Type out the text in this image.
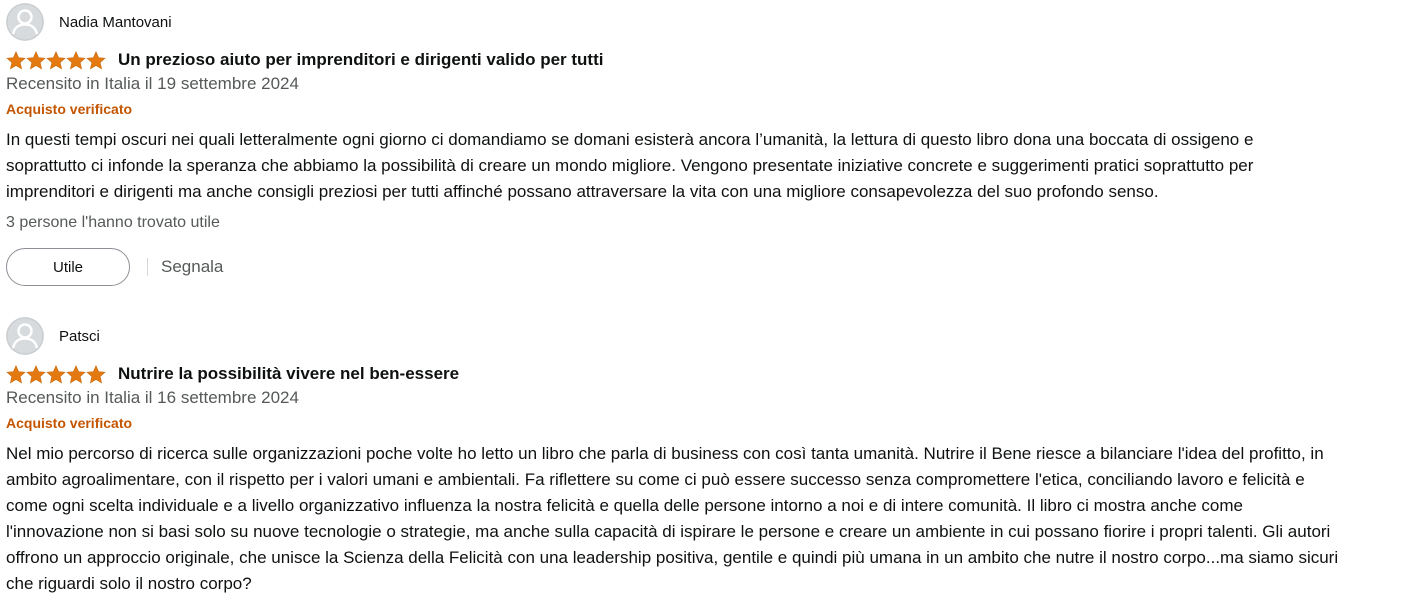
Nadia Mantovani
Un prezioso aiuto per imprenditori e dirigenti valido per tutti
Recensito in Italia il 19 settembre 2024
Acquisto verificato
In questi tempi oscuri nei quali letteralmente ogni giorno ci domandiamo se domani esisterà ancora l’umanità, la lettura di questo libro dona una boccata di ossigeno e
soprattutto ci infonde la speranza che abbiamo la possibilità di creare un mondo migliore. Vengono presentate iniziative concrete e suggerimenti pratici soprattutto per
imprenditori e dirigenti ma anche consigli preziosi per tutti affinché possano attraversare la vita con una migliore consapevolezza del suo profondo senso.
3 persone l'hanno trovato utile
Utile	Segnala
Patsci
Nutrire la possibilità vivere nel ben-essere
Recensito in Italia il 16 settembre 2024
Acquisto verificato
Nel mio percorso di ricerca sulle organizzazioni poche volte ho letto un libro che parla di business con così tanta umanità. Nutrire il Bene riesce a bilanciare l'idea del profitto, in
ambito agroalimentare, con il rispetto per i valori umani e ambientali. Fa riflettere su come ci può essere successo senza compromettere l'etica, conciliando lavoro e felicità e
come ogni scelta individuale e a livello organizzativo influenza la nostra felicità e quella delle persone intorno a noi e di intere comunità. Il libro ci mostra anche come
l'innovazione non si basi solo su nuove tecnologie o strategie, ma anche sulla capacità di ispirare le persone e creare un ambiente in cui possano fiorire i propri talenti. Gli autori
offrono un approccio originale, che unisce la Scienza della Felicità con una leadership positiva, gentile e quindi più umana in un ambito che nutre il nostro corpo...ma siamo sicuri
che riguardi solo il nostro corpo?
